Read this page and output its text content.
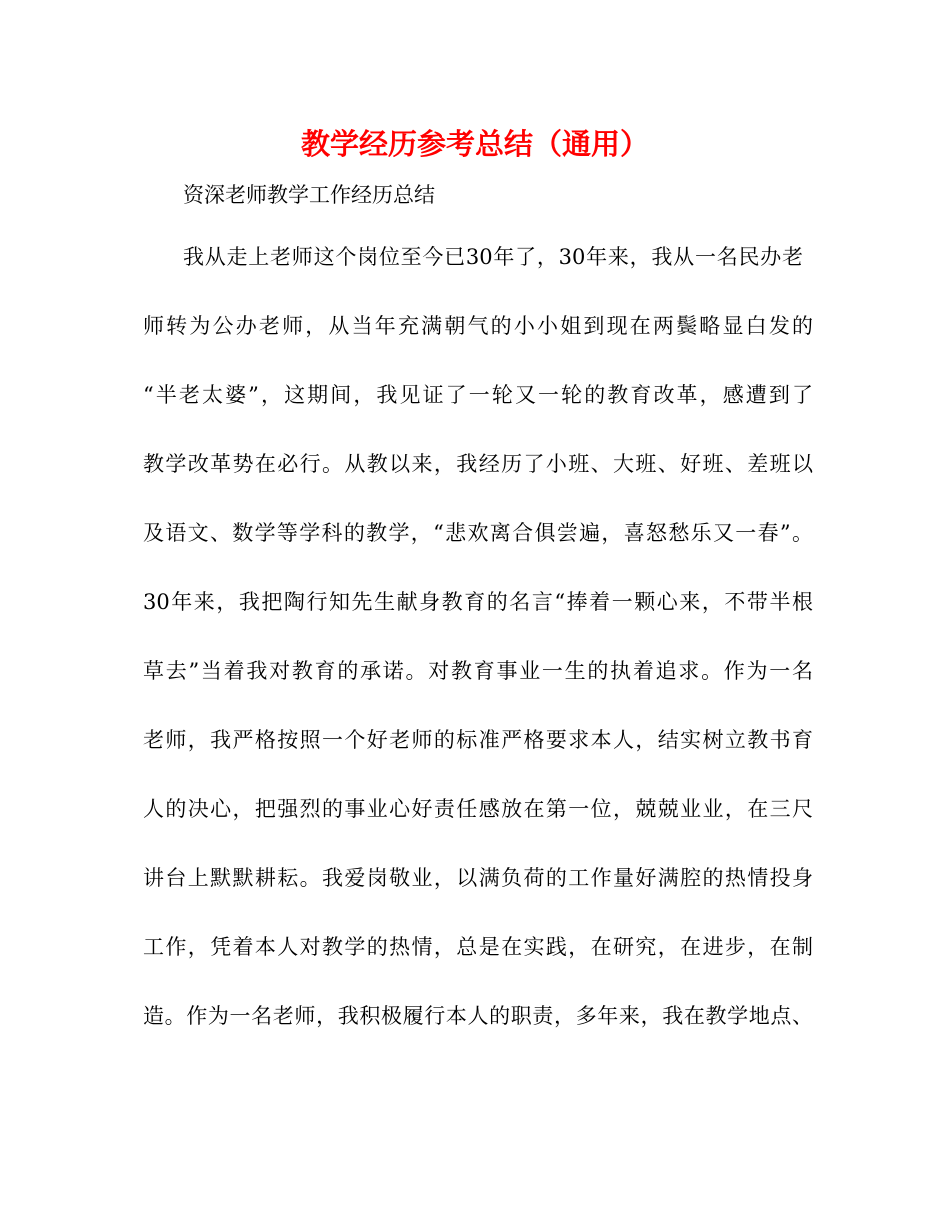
教学经历参考总结（通用）
资深老师教学工作经历总结
我从走上老师这个岗位至今已30年了，30年来，我从一名民办老
师转为公办老师，从当年充满朝气的小小姐到现在两鬓略显白发的
“半老太婆”，这期间，我见证了一轮又一轮的教育改革，感遭到了
教学改革势在必行。从教以来，我经历了小班、大班、好班、差班以
及语文、数学等学科的教学，“悲欢离合俱尝遍，喜怒愁乐又一春”。
30年来，我把陶行知先生献身教育的名言“捧着一颗心来，不带半根
草去”当着我对教育的承诺。对教育事业一生的执着追求。作为一名
老师，我严格按照一个好老师的标准严格要求本人，结实树立教书育
人的决心，把强烈的事业心好责任感放在第一位，兢兢业业，在三尺
讲台上默默耕耘。我爱岗敬业，以满负荷的工作量好满腔的热情投身
工作，凭着本人对教学的热情，总是在实践，在研究，在进步，在制
造。作为一名老师，我积极履行本人的职责，多年来，我在教学地点、
